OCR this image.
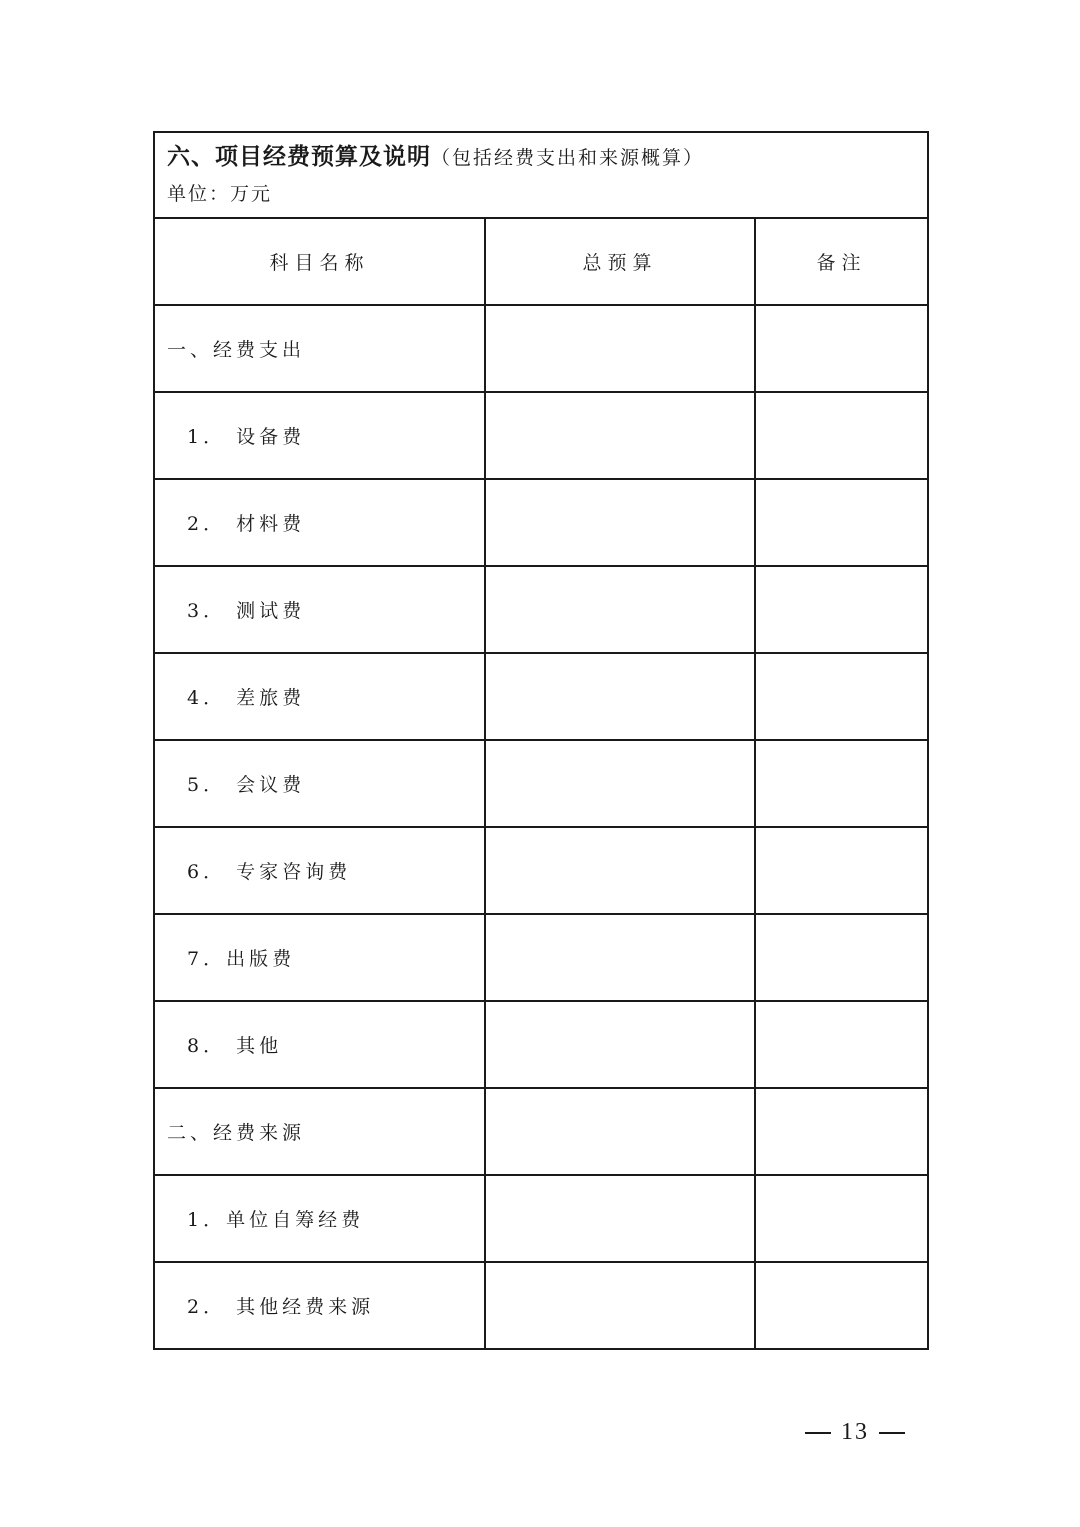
六、项目经费预算及说明（包括经费支出和来源概算）
单位：万元		

科目名称	总预算	备注
一、经费支出		
1． 设备费		
2． 材料费		
3． 测试费		
4． 差旅费		
5． 会议费		
6． 专家咨询费		
7．出版费		
8． 其他		
二、经费来源		
1．单位自筹经费		
2． 其他经费来源		
13
